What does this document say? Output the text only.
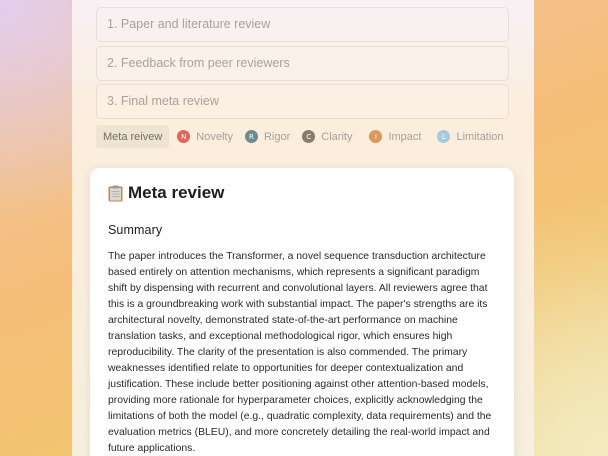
1. Paper and literature review
2. Feedback from peer reviewers
3. Final meta review
Meta reivew	N Novelty	R Rigor	C Clarity	I	Impact	L Limitation
Meta review
Summary
The paper introduces the Transformer, a novel sequence transduction architecture based entirely on attention mechanisms, which represents a significant paradigm shift by dispensing with recurrent and convolutional layers. All reviewers agree that this is a groundbreaking work with substantial impact. The paper's strengths are its architectural novelty, demonstrated state-of-the-art performance on machine translation tasks, and exceptional methodological rigor, which ensures high reproducibility. The clarity of the presentation is also commended. The primary weaknesses identified relate to opportunities for deeper contextualization and justification. These include better positioning against other attention-based models, providing more rationale for hyperparameter choices, explicitly acknowledging the limitations of both the model (e.g., quadratic complexity, data requirements) and the evaluation metrics (BLEU), and more concretely detailing the real-world impact and future applications.
